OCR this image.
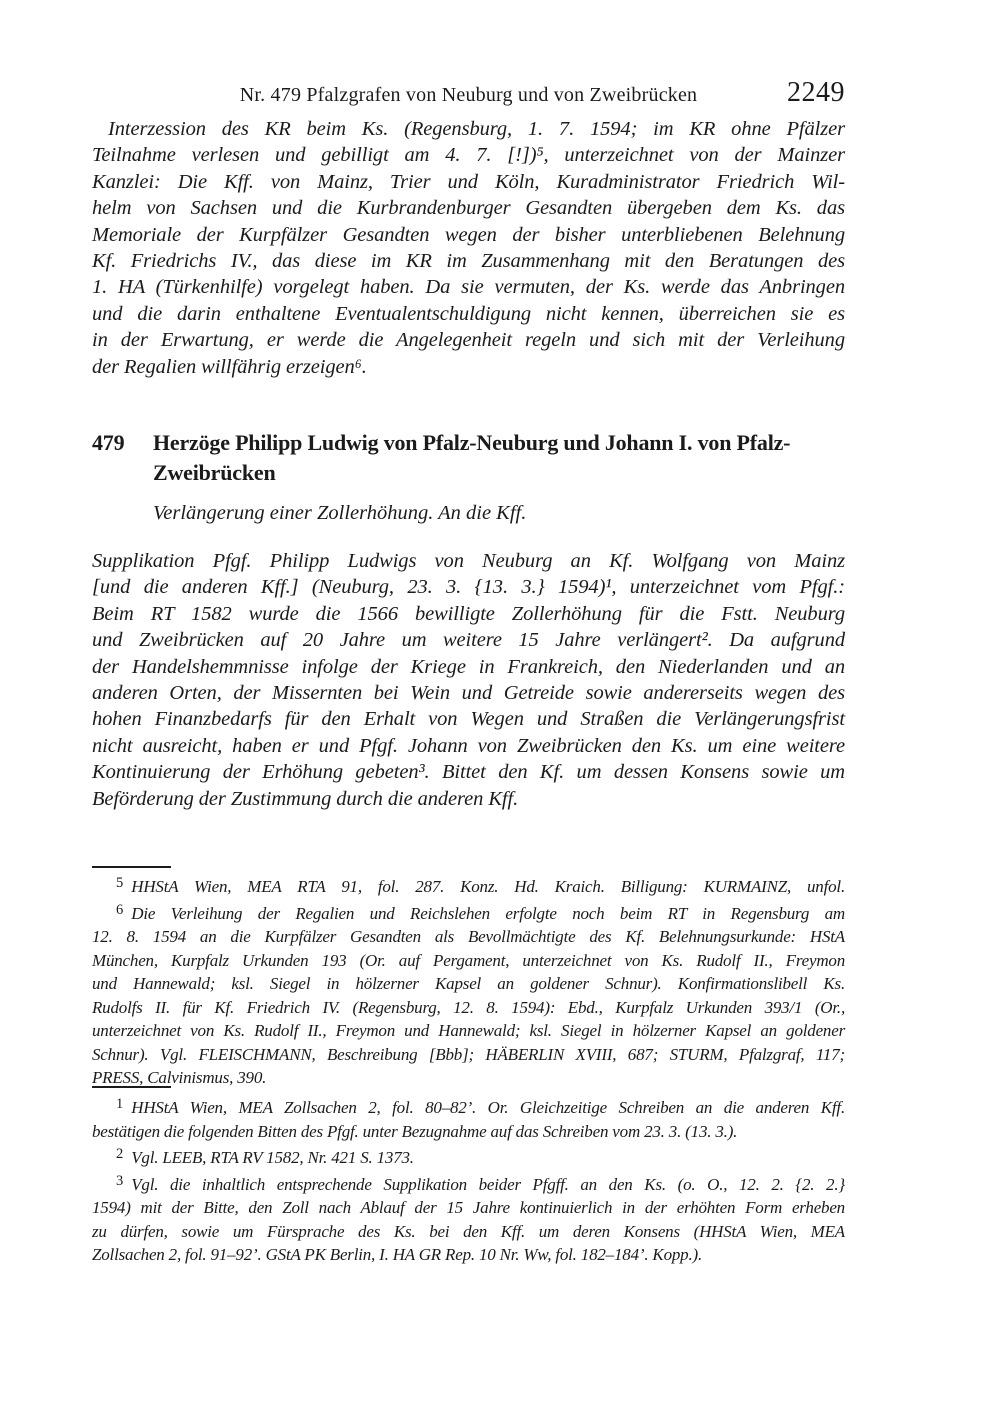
Nr. 479 Pfalzgrafen von Neuburg und von Zweibrücken	2249
Interzession des KR beim Ks. (Regensburg, 1. 7. 1594; im KR ohne Pfälzer
Teilnahme verlesen und gebilligt am 4. 7. [!])⁵, unterzeichnet von der Mainzer
Kanzlei: Die Kff. von Mainz, Trier und Köln, Kuradministrator Friedrich Wil-
helm von Sachsen und die Kurbrandenburger Gesandten übergeben dem Ks. das
Memoriale der Kurpfälzer Gesandten wegen der bisher unterbliebenen Belehnung
Kf. Friedrichs IV., das diese im KR im Zusammenhang mit den Beratungen des
1. HA (Türkenhilfe) vorgelegt haben. Da sie vermuten, der Ks. werde das Anbringen
und die darin enthaltene Eventualentschuldigung nicht kennen, überreichen sie es
in der Erwartung, er werde die Angelegenheit regeln und sich mit der Verleihung
der Regalien willfährig erzeigen⁶.
479 Herzöge Philipp Ludwig von Pfalz-Neuburg und Johann I. von Pfalz-
Zweibrücken
Verlängerung einer Zollerhöhung. An die Kff.
Supplikation Pfgf. Philipp Ludwigs von Neuburg an Kf. Wolfgang von Mainz
[und die anderen Kff.] (Neuburg, 23. 3. {13. 3.} 1594)¹, unterzeichnet vom Pfgf.:
Beim RT 1582 wurde die 1566 bewilligte Zollerhöhung für die Fstt. Neuburg
und Zweibrücken auf 20 Jahre um weitere 15 Jahre verlängert². Da aufgrund
der Handelshemmnisse infolge der Kriege in Frankreich, den Niederlanden und an
anderen Orten, der Missernten bei Wein und Getreide sowie andererseits wegen des
hohen Finanzbedarfs für den Erhalt von Wegen und Straßen die Verlängerungsfrist
nicht ausreicht, haben er und Pfgf. Johann von Zweibrücken den Ks. um eine weitere
Kontinuierung der Erhöhung gebeten³. Bittet den Kf. um dessen Konsens sowie um
Beförderung der Zustimmung durch die anderen Kff.
5 HHStA Wien, MEA RTA 91, fol. 287. Konz. Hd. Kraich. Billigung: KURMAINZ, unfol.
6 Die Verleihung der Regalien und Reichslehen erfolgte noch beim RT in Regensburg am
12. 8. 1594 an die Kurpfälzer Gesandten als Bevollmächtigte des Kf. Belehnungsurkunde: HStA
München, Kurpfalz Urkunden 193 (Or. auf Pergament, unterzeichnet von Ks. Rudolf II., Freymon
und Hannewald; ksl. Siegel in hölzerner Kapsel an goldener Schnur). Konfirmationslibell Ks.
Rudolfs II. für Kf. Friedrich IV. (Regensburg, 12. 8. 1594): Ebd., Kurpfalz Urkunden 393/1 (Or.,
unterzeichnet von Ks. Rudolf II., Freymon und Hannewald; ksl. Siegel in hölzerner Kapsel an goldener
Schnur). Vgl. FLEISCHMANN, Beschreibung [Bbb]; HÄBERLIN XVIII, 687; STURM, Pfalzgraf, 117;
PRESS, Calvinismus, 390.
1 HHStA Wien, MEA Zollsachen 2, fol. 80–82’. Or. Gleichzeitige Schreiben an die anderen Kff.
bestätigen die folgenden Bitten des Pfgf. unter Bezugnahme auf das Schreiben vom 23. 3. (13. 3.).
2 Vgl. LEEB, RTA RV 1582, Nr. 421 S. 1373.
3 Vgl. die inhaltlich entsprechende Supplikation beider Pfgff. an den Ks. (o. O., 12. 2. {2. 2.}
1594) mit der Bitte, den Zoll nach Ablauf der 15 Jahre kontinuierlich in der erhöhten Form erheben
zu dürfen, sowie um Fürsprache des Ks. bei den Kff. um deren Konsens (HHStA Wien, MEA
Zollsachen 2, fol. 91–92’. GStA PK Berlin, I. HA GR Rep. 10 Nr. Ww, fol. 182–184’. Kopp.).
